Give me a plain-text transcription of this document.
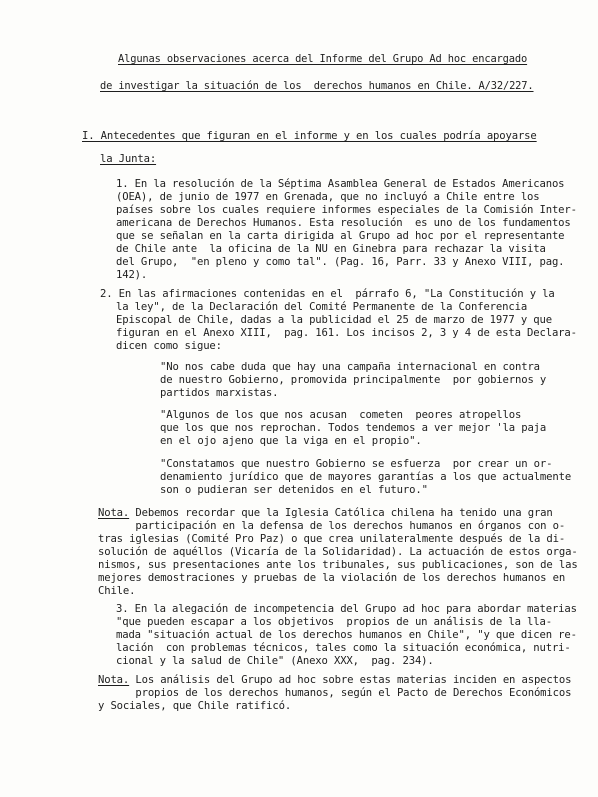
Algunas observaciones acerca del Informe del Grupo Ad hoc encargado
de investigar la situación de los  derechos humanos en Chile. A/32/227.
I. Antecedentes que figuran en el informe y en los cuales podría apoyarse
la Junta:
1. En la resolución de la Séptima Asamblea General de Estados Americanos
(OEA), de junio de 1977 en Grenada, que no incluyó a Chile entre los
países sobre los cuales requiere informes especiales de la Comisión Inter-
americana de Derechos Humanos. Esta resolución  es uno de los fundamentos
que se señalan en la carta dirigida al Grupo ad hoc por el representante
de Chile ante  la oficina de la NU en Ginebra para rechazar la visita
del Grupo,  "en pleno y como tal". (Pag. 16, Parr. 33 y Anexo VIII, pag.
142).
2. En las afirmaciones contenidas en el  párrafo 6, "La Constitución y la
la ley", de la Declaración del Comité Permanente de la Conferencia
Episcopal de Chile, dadas a la publicidad el 25 de marzo de 1977 y que
figuran en el Anexo XIII,  pag. 161. Los incisos 2, 3 y 4 de esta Declara-
dicen como sigue:
"No nos cabe duda que hay una campaña internacional en contra
de nuestro Gobierno, promovida principalmente  por gobiernos y
partidos marxistas.
"Algunos de los que nos acusan  cometen  peores atropellos
que los que nos reprochan. Todos tendemos a ver mejor 'la paja
en el ojo ajeno que la viga en el propio".
"Constatamos que nuestro Gobierno se esfuerza  por crear un or-
denamiento jurídico que de mayores garantías a los que actualmente
son o pudieran ser detenidos en el futuro."
Nota. Debemos recordar que la Iglesia Católica chilena ha tenido una gran
participación en la defensa de los derechos humanos en órganos con o-
tras iglesias (Comité Pro Paz) o que crea unilateralmente después de la di-
solución de aquéllos (Vicaría de la Solidaridad). La actuación de estos orga-
nismos, sus presentaciones ante los tribunales, sus publicaciones, son de las
mejores demostraciones y pruebas de la violación de los derechos humanos en
Chile.
3. En la alegación de incompetencia del Grupo ad hoc para abordar materias
"que pueden escapar a los objetivos  propios de un análisis de la lla-
mada "situación actual de los derechos humanos en Chile", "y que dicen re-
lación  con problemas técnicos, tales como la situación económica, nutri-
cional y la salud de Chile" (Anexo XXX,  pag. 234).
Nota. Los análisis del Grupo ad hoc sobre estas materias inciden en aspectos
propios de los derechos humanos, según el Pacto de Derechos Económicos
y Sociales, que Chile ratificó.
